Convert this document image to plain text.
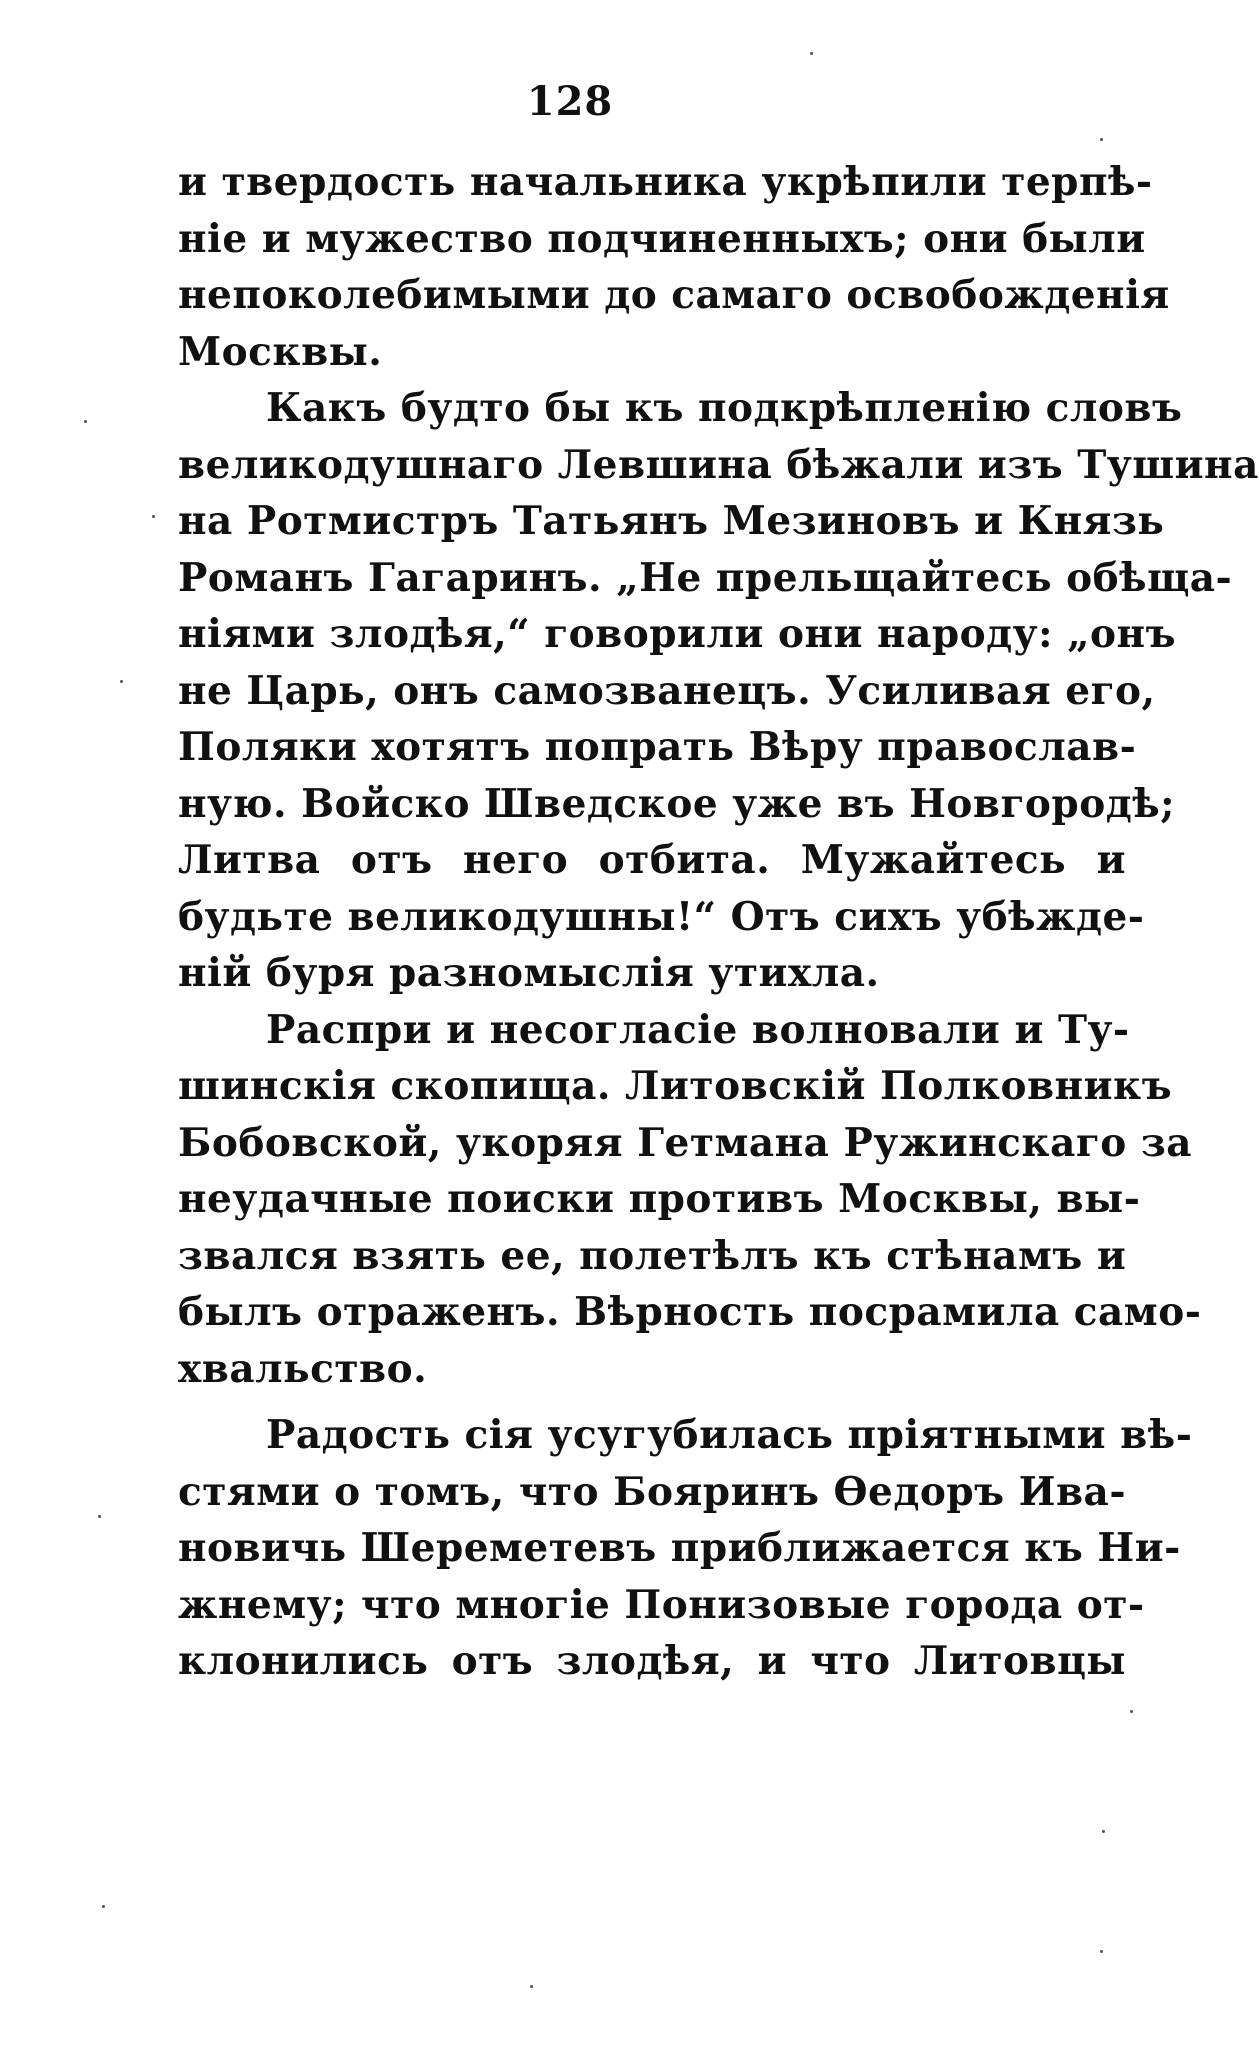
128
и твердость начальника укрѣпили терпѣ-
ніе и мужество подчиненныхъ; они были
непоколебимыми до самаго освобожденія
Москвы.
Какъ будто бы къ подкрѣпленію словъ
великодушнаго Левшина бѣжали изъ Тушина
на Ротмистръ Татьянъ Мезиновъ и Князь
Романъ Гагаринъ. „Не прельщайтесь обѣща-
ніями злодѣя,“ говорили они народу: „онъ
не Царь, онъ самозванецъ. Усиливая его,
Поляки хотятъ попрать Вѣру православ-
ную. Войско Шведское уже въ Новгородѣ;
Литва отъ него отбита. Мужайтесь и
будьте великодушны!“ Отъ сихъ убѣжде-
ній буря разномыслія утихла.
Распри и несогласіе волновали и Ту-
шинскія скопища. Литовскій Полковникъ
Бобовской, укоряя Гетмана Ружинскаго за
неудачные поиски противъ Москвы, вы-
звался взять ее, полетѣлъ къ стѣнамъ и
былъ отраженъ. Вѣрность посрамила само-
хвальство.
Радость сія усугубилась пріятными вѣ-
стями о томъ, что Бояринъ Ѳедоръ Ива-
новичь Шереметевъ приближается къ Ни-
жнему; что многіе Понизовые города от-
клонились отъ злодѣя, и что Литовцы
